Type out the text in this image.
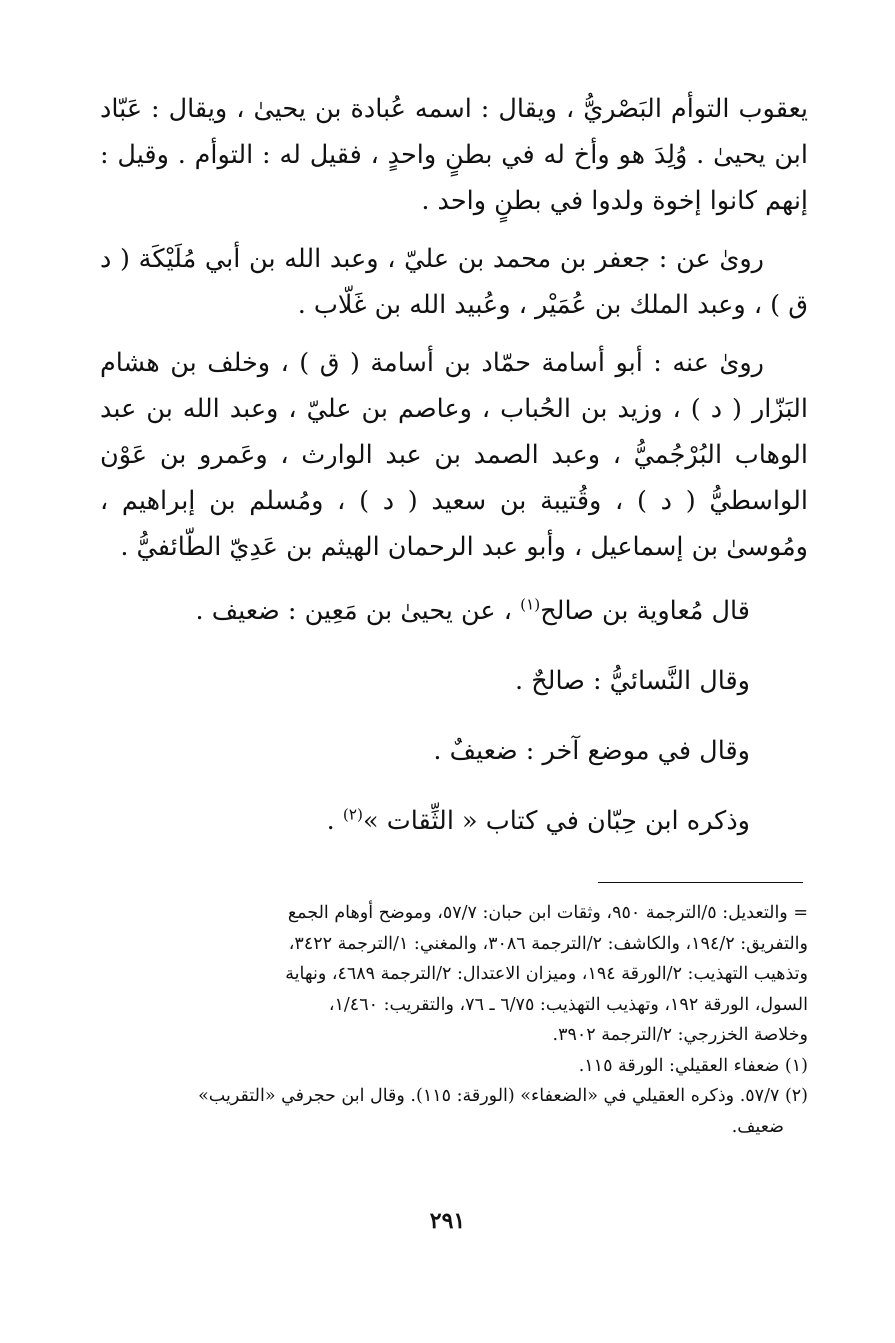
يعقوب التوأم البَصْريُّ ، ويقال : اسمه عُبادة بن يحيىٰ ، ويقال : عَبّاد ابن يحيىٰ . وُلِدَ هو وأخ له في بطنٍ واحدٍ ، فقيل له : التوأم . وقيل : إنهم كانوا إخوة ولدوا في بطنٍ واحد .

رویٰ عن : جعفر بن محمد بن عليّ ، وعبد الله بن أبي مُلَيْكَة ( د ق ) ، وعبد الملك بن عُمَيْر ، وعُبيد الله بن غَلّاب .

رویٰ عنه : أبو أسامة حمّاد بن أسامة ( ق ) ، وخلف بن هشام البَزّار ( د ) ، وزيد بن الحُباب ، وعاصم بن عليّ ، وعبد الله بن عبد الوهاب البُرْجُميُّ ، وعبد الصمد بن عبد الوارث ، وعَمرو بن عَوْن الواسطيُّ ( د ) ، وقُتيبة بن سعيد ( د ) ، ومُسلم بن إبراهيم ، ومُوسیٰ بن إسماعيل ، وأبو عبد الرحمان الهيثم بن عَدِيّ الطّائفيُّ .

قال مُعاوية بن صالح$^{(١)}$ ، عن يحيىٰ بن مَعِين : ضعيف .

وقال النَّسائيُّ : صالحٌ .

وقال في موضع آخر : ضعيفٌ .

وذكره ابن حِبّان في كتاب « الثِّقات »$^{(٢)}$ .

= والتعديل: ٥/الترجمة ٩٥٠، وثقات ابن حبان: ٥٧/٧، وموضح أوهام الجمع

والتفريق: ١٩٤/٢، والكاشف: ٢/الترجمة ٣٠٨٦، والمغني: ١/الترجمة ٣٤٢٢،

وتذهيب التهذيب: ٢/الورقة ١٩٤، وميزان الاعتدال: ٢/الترجمة ٤٦٨٩، ونهاية

السول، الورقة ١٩٢، وتهذيب التهذيب: ٦/٧٥ ـ ٧٦، والتقريب: ١/٤٦٠،

وخلاصة الخزرجي: ٢/الترجمة ٣٩٠٢.

(١) ضعفاء العقيلي: الورقة ١١٥.

(٢) ٥٧/٧. وذكره العقيلي في «الضعفاء» (الورقة: ١١٥). وقال ابن حجرفي «التقريب»

ضعيف.

٢٩١
